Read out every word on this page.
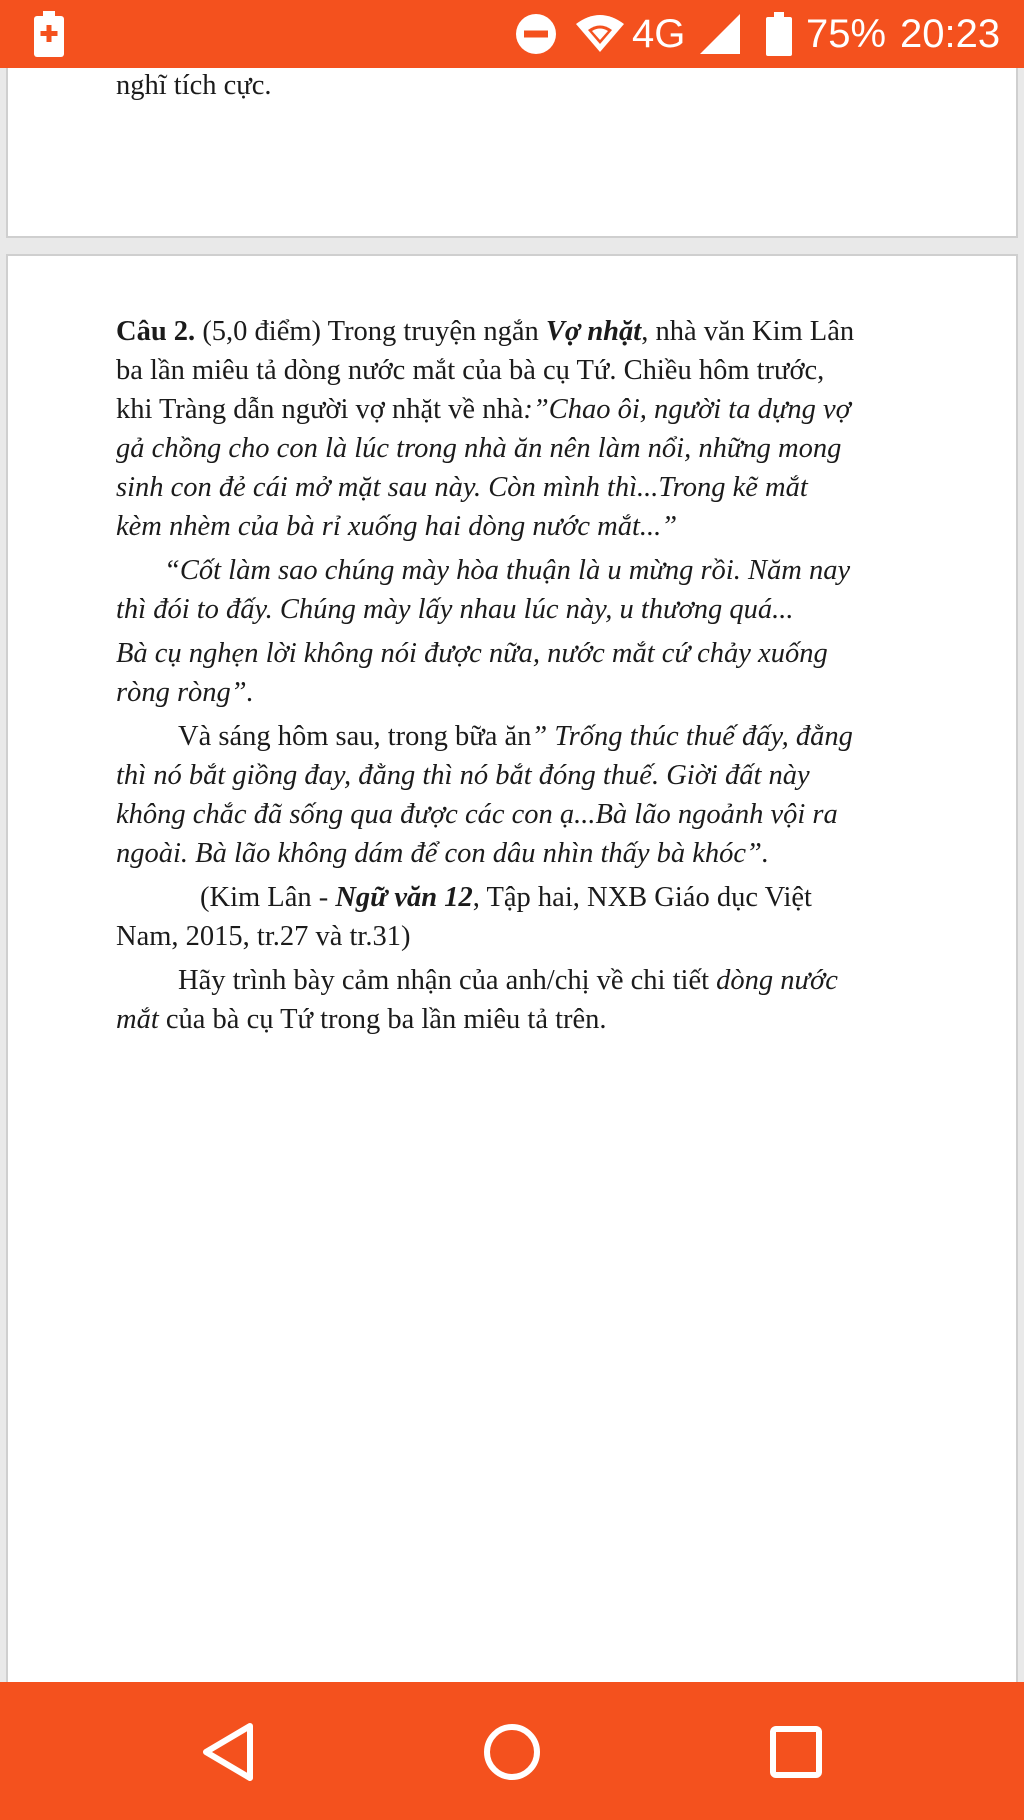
4G	75% 20:23

nghĩ tích cực.
Câu 2. (5,0 điểm) Trong truyện ngắn Vợ nhặt, nhà văn Kim Lân
ba lần miêu tả dòng nước mắt của bà cụ Tứ. Chiều hôm trước,
khi Tràng dẫn người vợ nhặt về nhà:”Chao ôi, người ta dựng vợ
gả chồng cho con là lúc trong nhà ăn nên làm nổi, những mong
sinh con đẻ cái mở mặt sau này. Còn mình thì...Trong kẽ mắt
kèm nhèm của bà rỉ xuống hai dòng nước mắt...”
“Cốt làm sao chúng mày hòa thuận là u mừng rồi. Năm nay
thì đói to đấy. Chúng mày lấy nhau lúc này, u thương quá...
Bà cụ nghẹn lời không nói được nữa, nước mắt cứ chảy xuống
ròng ròng”.
Và sáng hôm sau, trong bữa ăn” Trống thúc thuế đấy, đằng
thì nó bắt giồng đay, đằng thì nó bắt đóng thuế. Giời đất này
không chắc đã sống qua được các con ạ...Bà lão ngoảnh vội ra
ngoài. Bà lão không dám để con dâu nhìn thấy bà khóc”.
(Kim Lân - Ngữ văn 12, Tập hai, NXB Giáo dục Việt
Nam, 2015, tr.27 và tr.31)
Hãy trình bày cảm nhận của anh/chị về chi tiết dòng nước
mắt của bà cụ Tứ trong ba lần miêu tả trên.
